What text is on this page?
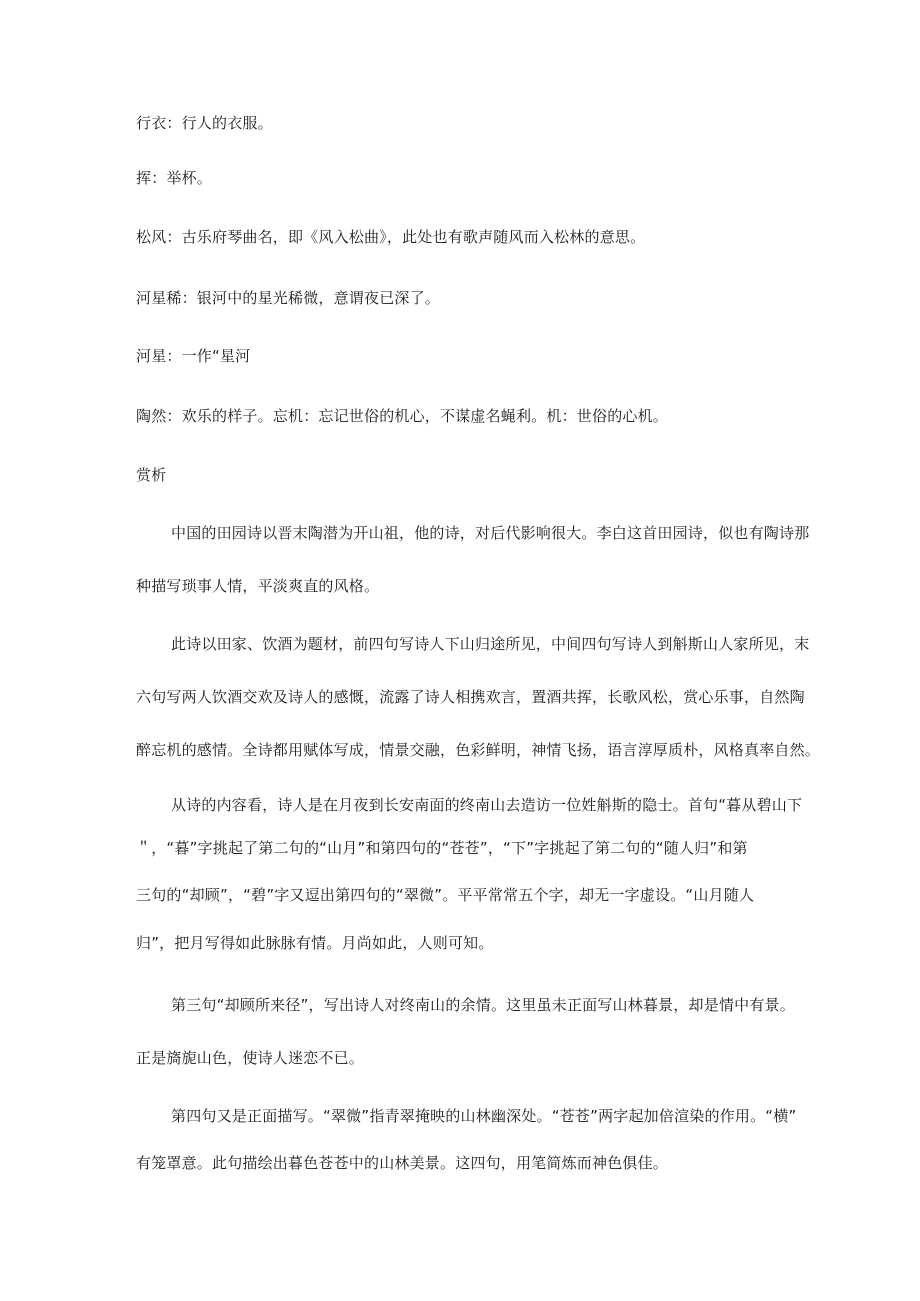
行衣：行人的衣服。
挥：举杯。
松风：古乐府琴曲名，即《风入松曲》，此处也有歌声随风而入松林的意思。
河星稀：银河中的星光稀微，意谓夜已深了。
河星：一作“星河
陶然：欢乐的样子。忘机：忘记世俗的机心，不谋虚名蝇利。机：世俗的心机。
赏析
中国的田园诗以晋末陶潜为开山祖，他的诗，对后代影响很大。李白这首田园诗，似也有陶诗那
种描写琐事人情，平淡爽直的风格。
此诗以田家、饮酒为题材，前四句写诗人下山归途所见，中间四句写诗人到斛斯山人家所见，末
六句写两人饮酒交欢及诗人的感慨，流露了诗人相携欢言，置酒共挥，长歌风松，赏心乐事，自然陶
醉忘机的感情。全诗都用赋体写成，情景交融，色彩鲜明，神情飞扬，语言淳厚质朴，风格真率自然。
从诗的内容看，诗人是在月夜到长安南面的终南山去造访一位姓斛斯的隐士。首句“暮从碧山下
＂，“暮”字挑起了第二句的“山月”和第四句的“苍苍”，“下”字挑起了第二句的“随人归”和第
三句的“却顾”，“碧”字又逗出第四句的“翠微”。平平常常五个字，却无一字虚设。“山月随人
归”，把月写得如此脉脉有情。月尚如此，人则可知。
第三句“却顾所来径”，写出诗人对终南山的余情。这里虽未正面写山林暮景，却是情中有景。
正是旖旎山色，使诗人迷恋不已。
第四句又是正面描写。“翠微”指青翠掩映的山林幽深处。“苍苍”两字起加倍渲染的作用。“横”
有笼罩意。此句描绘出暮色苍苍中的山林美景。这四句，用笔简炼而神色俱佳。
